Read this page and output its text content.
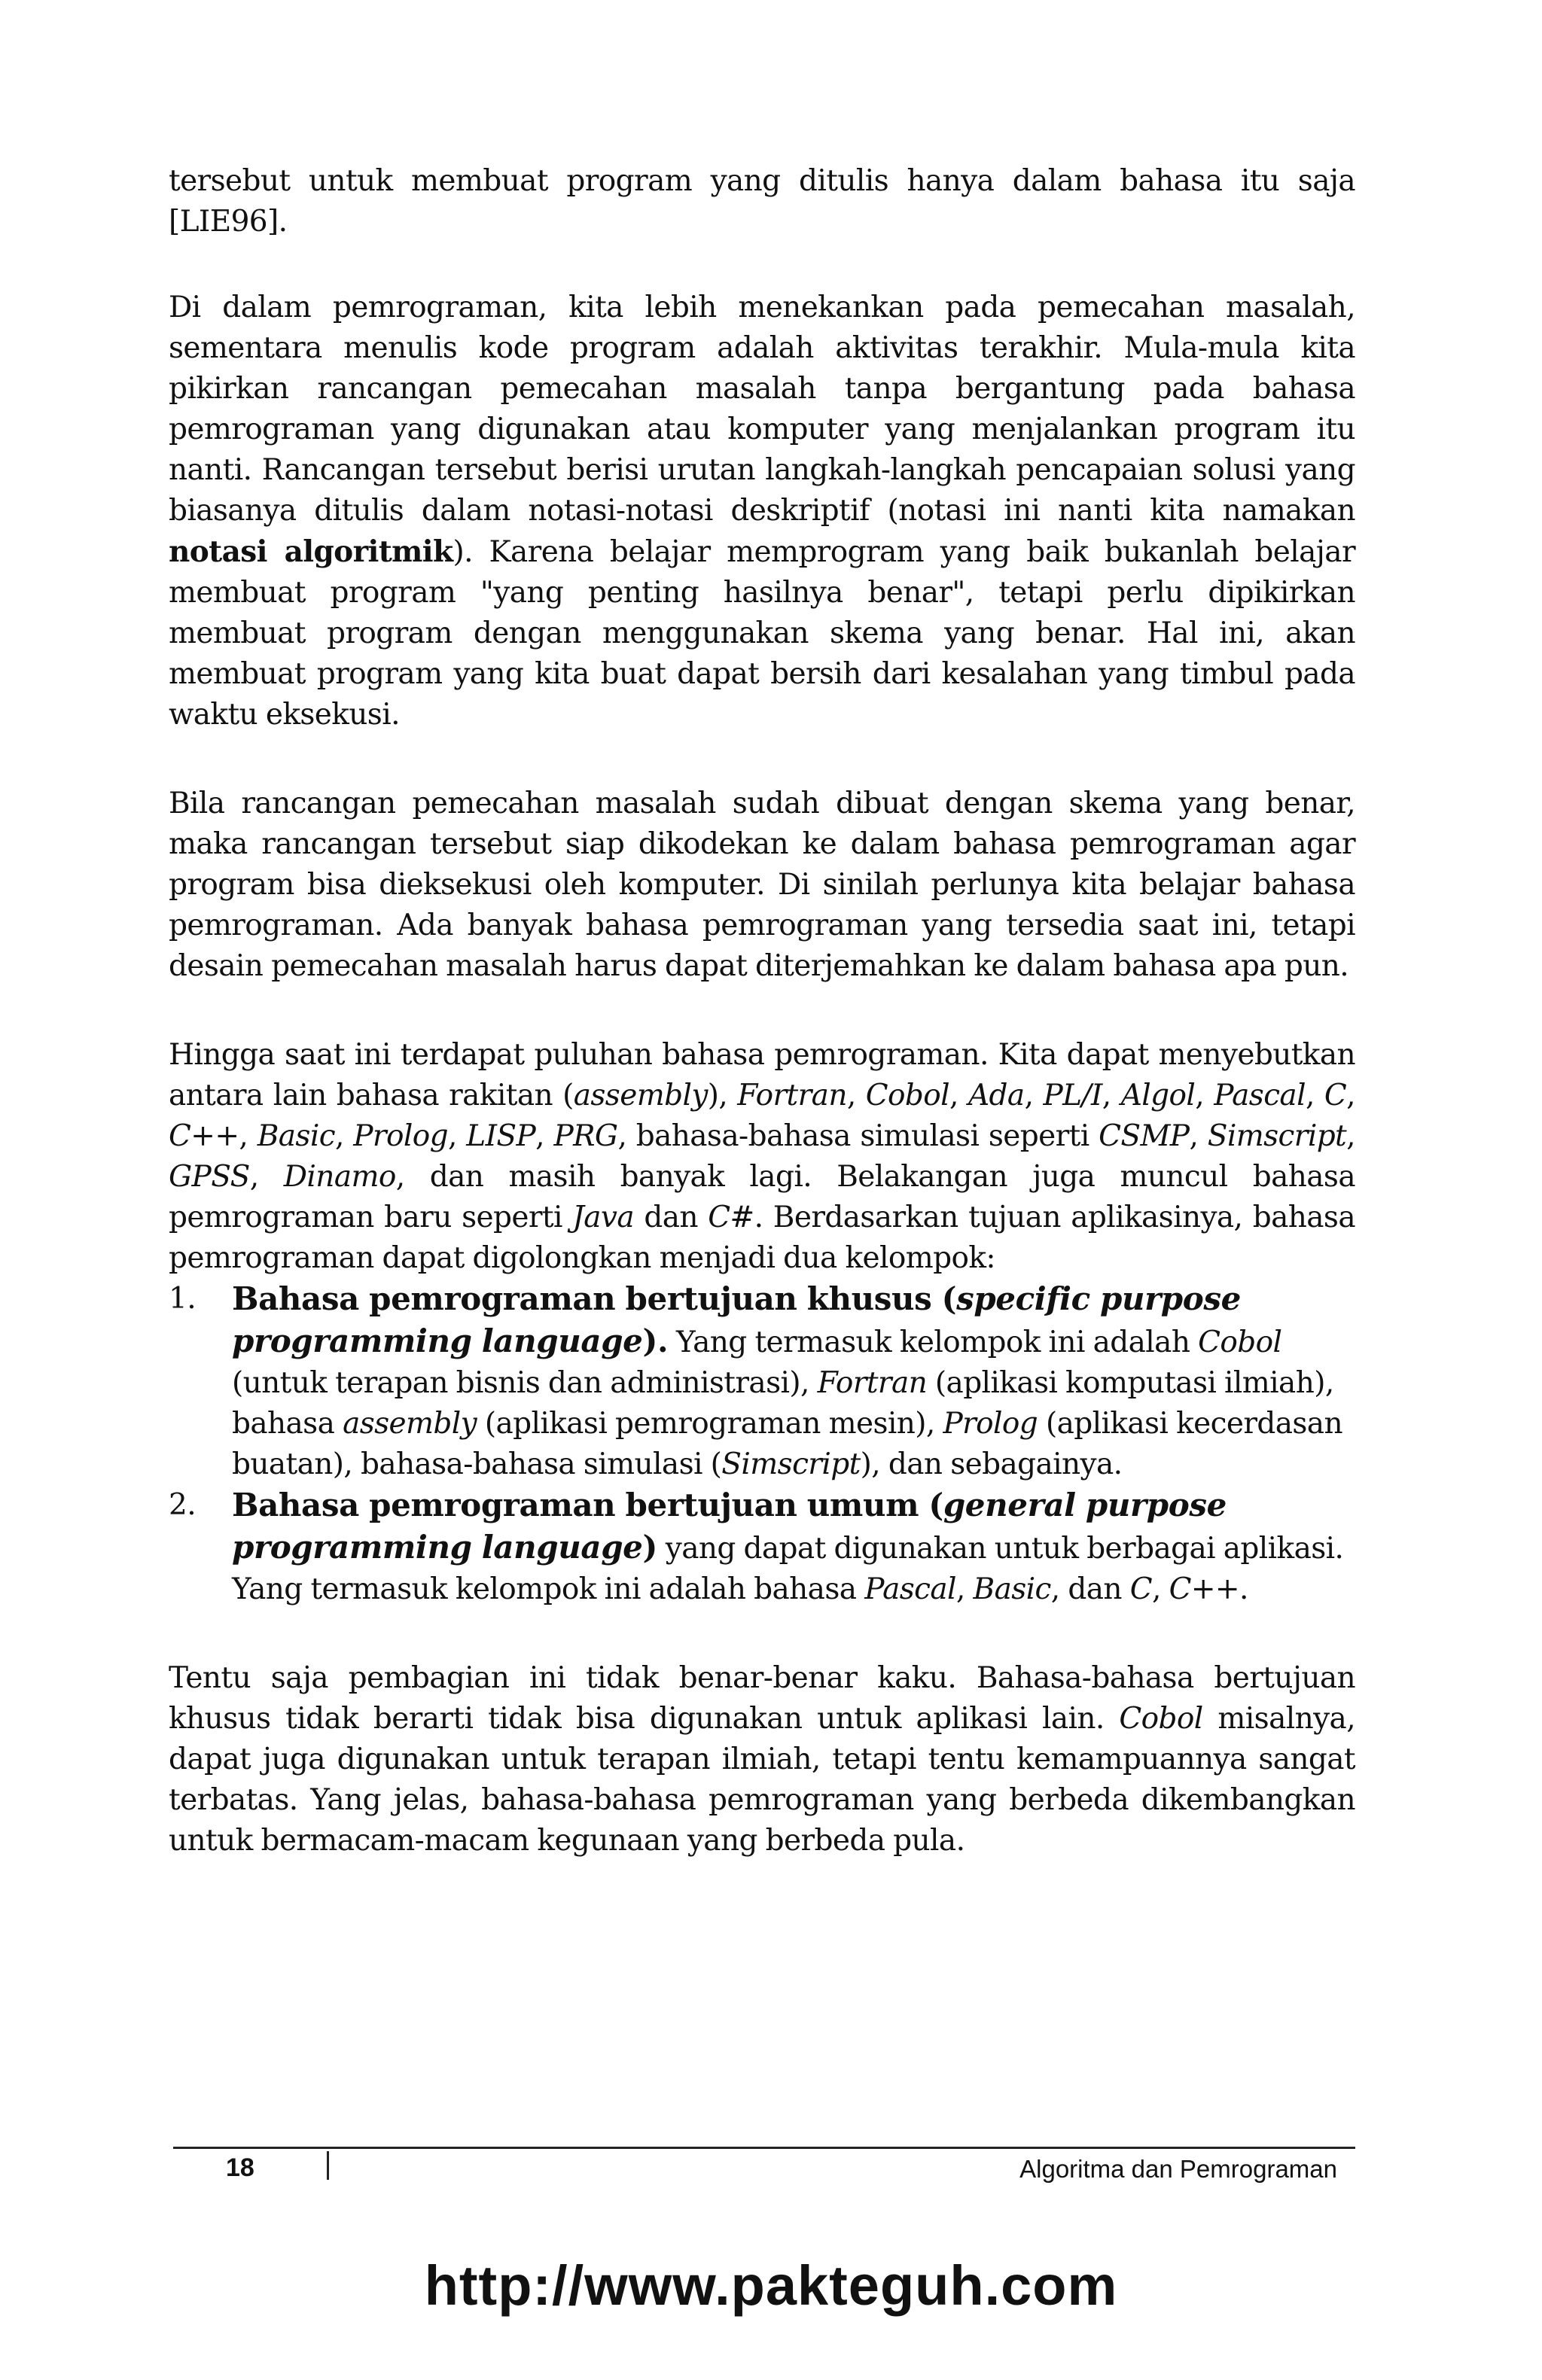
tersebut untuk membuat program yang ditulis hanya dalam bahasa itu saja [LIE96].

Di dalam pemrograman, kita lebih menekankan pada pemecahan masalah, sementara menulis kode program adalah aktivitas terakhir. Mula-mula kita pikirkan rancangan pemecahan masalah tanpa bergantung pada bahasa pemrograman yang digunakan atau komputer yang menjalankan program itu nanti. Rancangan tersebut berisi urutan langkah-langkah pencapaian solusi yang biasanya ditulis dalam notasi-notasi deskriptif (notasi ini nanti kita namakan notasi algoritmik). Karena belajar memprogram yang baik bukanlah belajar membuat program "yang penting hasilnya benar", tetapi perlu dipikirkan membuat program dengan menggunakan skema yang benar. Hal ini, akan membuat program yang kita buat dapat bersih dari kesalahan yang timbul pada waktu eksekusi.

Bila rancangan pemecahan masalah sudah dibuat dengan skema yang benar, maka rancangan tersebut siap dikodekan ke dalam bahasa pemrograman agar program bisa dieksekusi oleh komputer. Di sinilah perlunya kita belajar bahasa pemrograman. Ada banyak bahasa pemrograman yang tersedia saat ini, tetapi desain pemecahan masalah harus dapat diterjemahkan ke dalam bahasa apa pun.

Hingga saat ini terdapat puluhan bahasa pemrograman. Kita dapat menyebutkan antara lain bahasa rakitan (assembly), Fortran, Cobol, Ada, PL/I, Algol, Pascal, C, C++, Basic, Prolog, LISP, PRG, bahasa-bahasa simulasi seperti CSMP, Simscript, GPSS, Dinamo, dan masih banyak lagi. Belakangan juga muncul bahasa pemrograman baru seperti Java dan C#. Berdasarkan tujuan aplikasinya, bahasa pemrograman dapat digolongkan menjadi dua kelompok:

1. Bahasa pemrograman bertujuan khusus (specific purpose programming language). Yang termasuk kelompok ini adalah Cobol (untuk terapan bisnis dan administrasi), Fortran (aplikasi komputasi ilmiah), bahasa assembly (aplikasi pemrograman mesin), Prolog (aplikasi kecerdasan buatan), bahasa-bahasa simulasi (Simscript), dan sebagainya.
2. Bahasa pemrograman bertujuan umum (general purpose programming language) yang dapat digunakan untuk berbagai aplikasi. Yang termasuk kelompok ini adalah bahasa Pascal, Basic, dan C, C++.

Tentu saja pembagian ini tidak benar-benar kaku. Bahasa-bahasa bertujuan khusus tidak berarti tidak bisa digunakan untuk aplikasi lain. Cobol misalnya, dapat juga digunakan untuk terapan ilmiah, tetapi tentu kemampuannya sangat terbatas. Yang jelas, bahasa-bahasa pemrograman yang berbeda dikembangkan untuk bermacam-macam kegunaan yang berbeda pula.

18	Algoritma dan Pemrograman
http://www.pakteguh.com
